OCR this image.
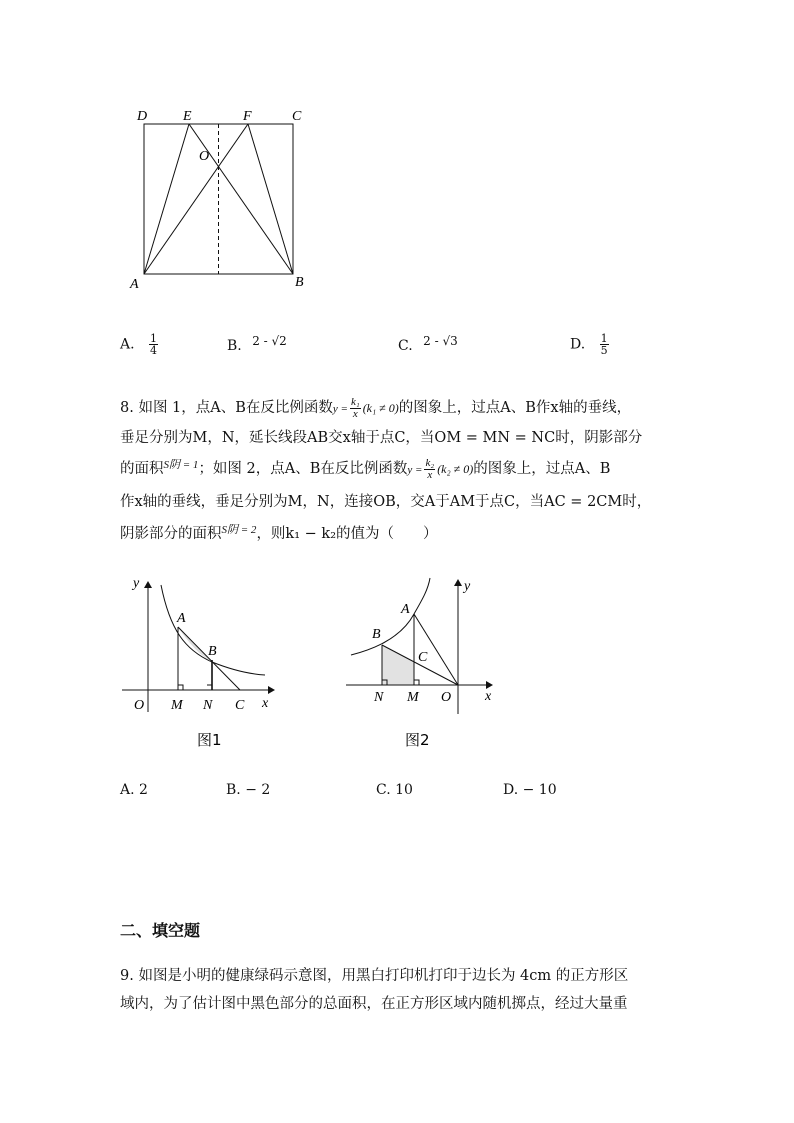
D	E	F	C
O
A	B
A. $\frac{1}{4}$	B. 2 - √2	C. 2 - √3	D. $\frac{1}{5}$
8. 如图 1，点A、B在反比例函数$y = \frac{\text{k₁}}{x} (k_1 \ne 0)$的图象上，过点A、B作x轴的垂线，
垂足分别为M，N，延长线段AB交x轴于点C，当OM = MN = NC时，阴影部分
的面积$^{S阴 = 1}$；如图 2，点A、B在反比例函数$y = \frac{\text{k₂}}{x} (k_2 \ne 0)$的图象上，过点A、B
作x轴的垂线，垂足分别为M，N，连接OB，交A于AM于点C，当AC = 2CM时，
阴影部分的面积$^{S阴 = 2}$，则k₁ − k₂的值为（　　）
y
x
O M N C
A
B
图1
y
x
O
N M
C
A
B
图2
A. 2	B. − 2	C. 10	D. − 10
二、填空题
9. 如图是小明的健康绿码示意图，用黑白打印机打印于边长为 4cm 的正方形区
域内，为了估计图中黑色部分的总面积，在正方形区域内随机掷点，经过大量重
